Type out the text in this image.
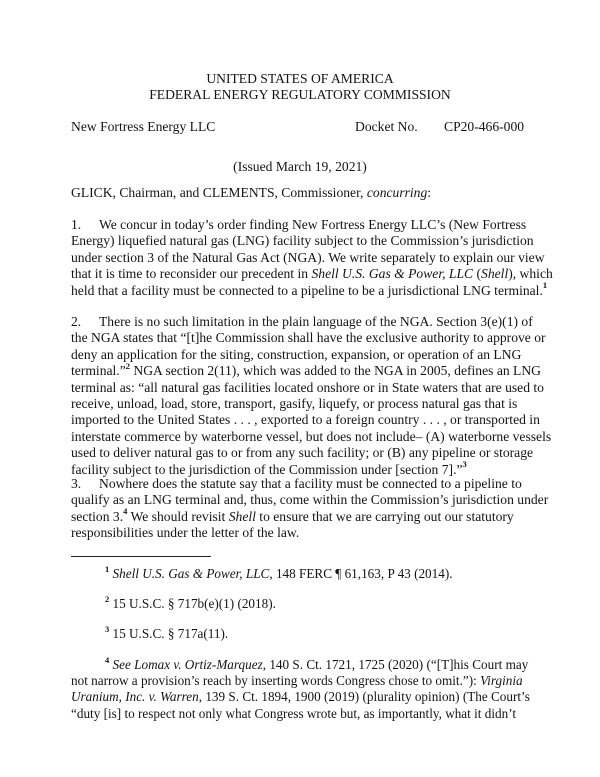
UNITED STATES OF AMERICA
FEDERAL ENERGY REGULATORY COMMISSION
New Fortress Energy LLC	Docket No. CP20-466-000
(Issued March 19, 2021)
GLICK, Chairman, and CLEMENTS, Commissioner, concurring:
1. We concur in today’s order finding New Fortress Energy LLC’s (New Fortress
Energy) liquefied natural gas (LNG) facility subject to the Commission’s jurisdiction
under section 3 of the Natural Gas Act (NGA). We write separately to explain our view
that it is time to reconsider our precedent in Shell U.S. Gas & Power, LLC (Shell), which
held that a facility must be connected to a pipeline to be a jurisdictional LNG terminal.$^1$
2. There is no such limitation in the plain language of the NGA. Section 3(e)(1) of
the NGA states that “[t]he Commission shall have the exclusive authority to approve or
deny an application for the siting, construction, expansion, or operation of an LNG
terminal.”$^2$ NGA section 2(11), which was added to the NGA in 2005, defines an LNG
terminal as: “all natural gas facilities located onshore or in State waters that are used to
receive, unload, load, store, transport, gasify, liquefy, or process natural gas that is
imported to the United States . . . , exported to a foreign country . . . , or transported in
interstate commerce by waterborne vessel, but does not include– (A) waterborne vessels
used to deliver natural gas to or from any such facility; or (B) any pipeline or storage
facility subject to the jurisdiction of the Commission under [section 7].”$^3$
3. Nowhere does the statute say that a facility must be connected to a pipeline to
qualify as an LNG terminal and, thus, come within the Commission’s jurisdiction under
section 3.$^4$ We should revisit Shell to ensure that we are carrying out our statutory
responsibilities under the letter of the law.
$^1$ Shell U.S. Gas & Power, LLC, 148 FERC ¶ 61,163, P 43 (2014).
$^2$ 15 U.S.C. § 717b(e)(1) (2018).
$^3$ 15 U.S.C. § 717a(11).
$^4$ See Lomax v. Ortiz-Marquez, 140 S. Ct. 1721, 1725 (2020) (“[T]his Court may
not narrow a provision’s reach by inserting words Congress chose to omit.”): Virginia
Uranium, Inc. v. Warren, 139 S. Ct. 1894, 1900 (2019) (plurality opinion) (The Court’s
“duty [is] to respect not only what Congress wrote but, as importantly, what it didn’t
